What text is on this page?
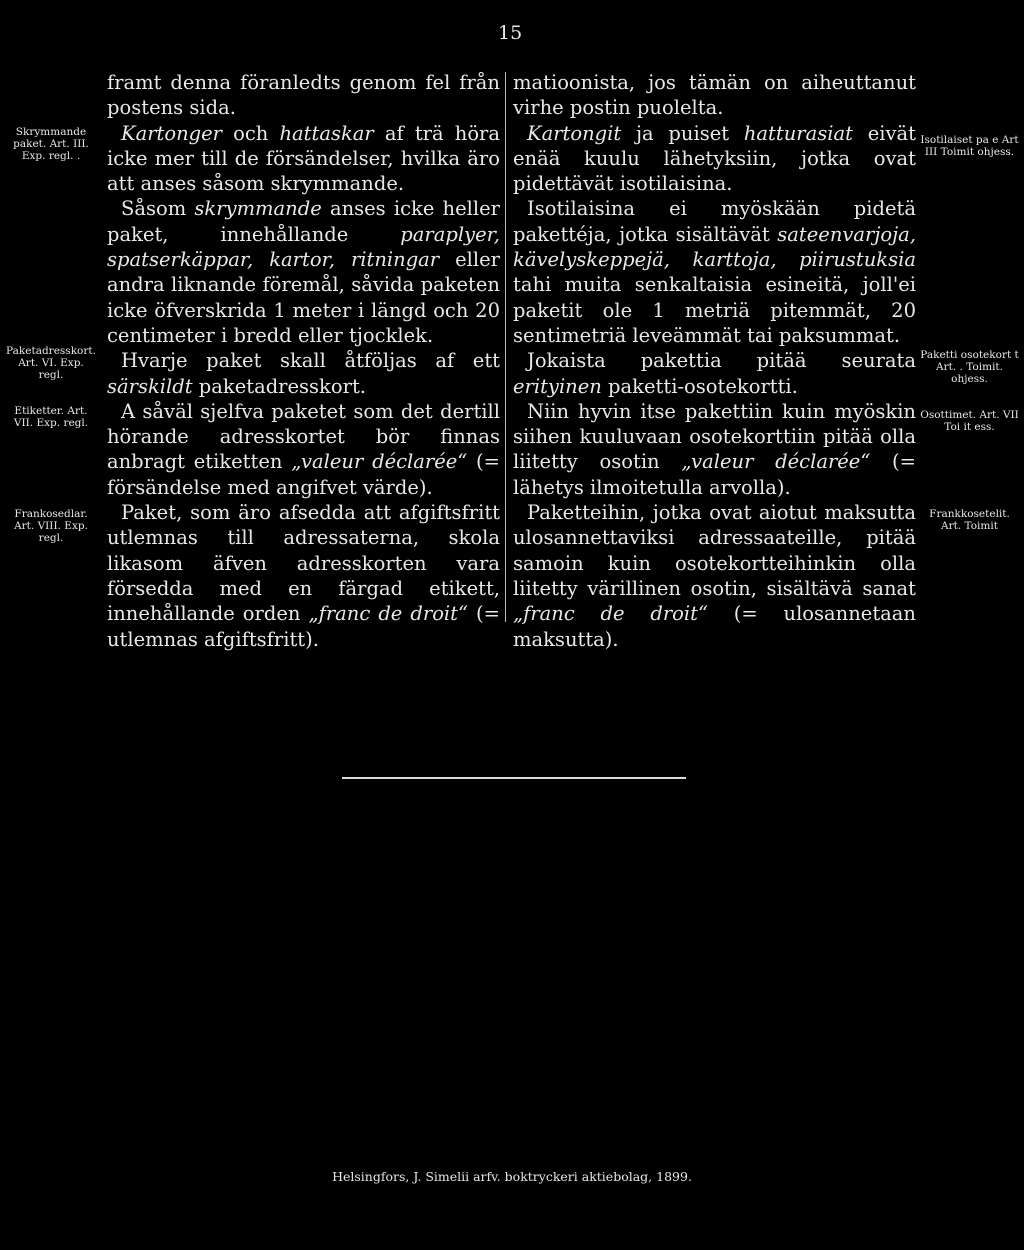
15
Skrymmande paket. Art. III. Exp. regl. .
Paketadresskort. Art. VI. Exp. regl.
Etiketter. Art. VII. Exp. regl.
Frankosedlar. Art. VIII. Exp. regl.

framt denna föranledts genom fel från postens sida.

Kartonger och hattaskar af trä höra icke mer till de försändelser, hvilka äro att anses såsom skrymmande.

Såsom skrymmande anses icke heller paket, innehållande paraplyer, spatserkäppar, kartor, ritningar eller andra liknande föremål, såvida paketen icke öfverskrida 1 meter i längd och 20 centimeter i bredd eller tjocklek.

Hvarje paket skall åtföljas af ett särskildt paketadresskort.

A såväl sjelfva paketet som det dertill hörande adresskortet bör finnas anbragt etiketten „valeur déclarée“ (= försändelse med angifvet värde).

Paket, som äro afsedda att afgiftsfritt utlemnas till adressaterna, skola likasom äfven adresskorten vara försedda med en färgad etikett, innehållande orden „franc de droit“ (= utlemnas afgiftsfritt).

matioonista, jos tämän on aiheuttanut virhe postin puolelta.

Kartongit ja puiset hatturasiat eivät enää kuulu lähetyksiin, jotka ovat pidettävät isotilaisina.

Isotilaisina ei myöskään pidetä pakettéja, jotka sisältävät sateenvarjoja, kävelyskeppejä, karttoja, piirustuksia tahi muita senkaltaisia esineitä, joll'ei paketit ole 1 metriä pitemmät, 20 sentimetriä leveämmät tai paksummat.

Jokaista pakettia pitää seurata erityinen paketti-osotekortti.

Niin hyvin itse pakettiin kuin myöskin siihen kuuluvaan osotekorttiin pitää olla liitetty osotin „valeur déclarée“ (= lähetys ilmoitetulla arvolla).

Paketteihin, jotka ovat aiotut maksutta ulosannettaviksi adressaateille, pitää samoin kuin osotekortteihinkin olla liitetty värillinen osotin, sisältävä sanat „franc de droit“ (= ulosannetaan maksutta).

Isotilaiset pa e Art III Toimit ohjess.
Paketti osotekort t Art. . Toimit. ohjess.
Osottimet. Art. VII Toi it ess.
Frankkosetelit. Art. Toimit
Helsingfors, J. Simelii arfv. boktryckeri aktiebolag, 1899.
